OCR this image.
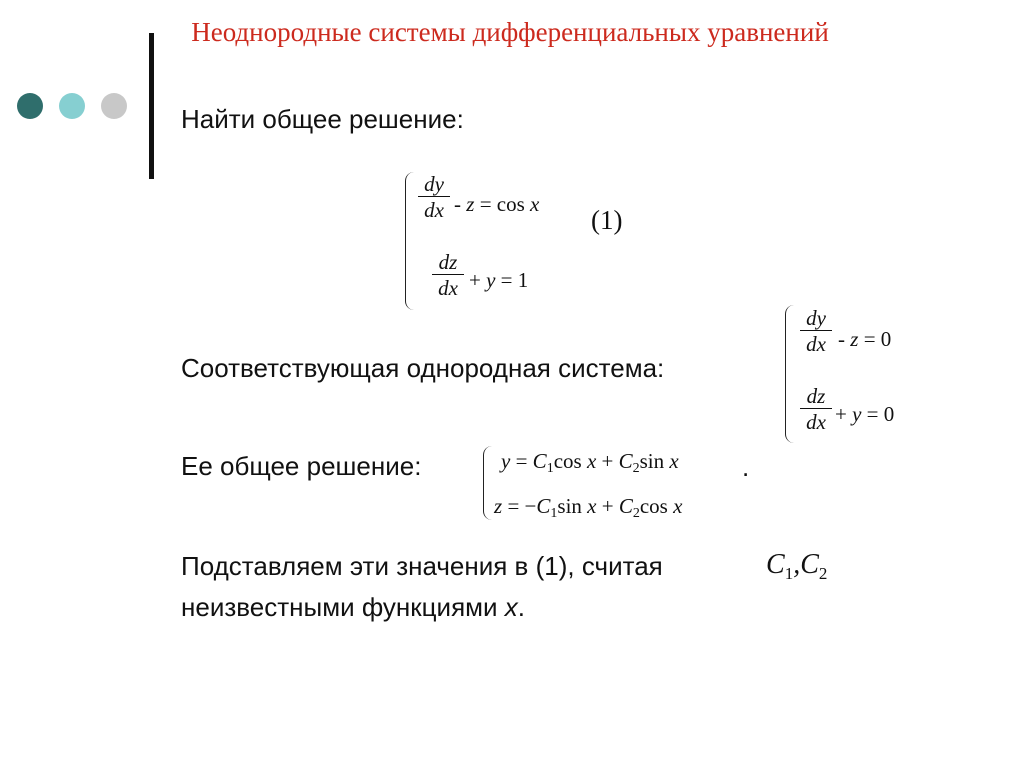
Неоднородные системы дифференциальных уравнений
Найти общее решение:
dy
dx - z = cos x
(1)
dz
dx + y = 1
Соответствующая однородная система:
dy
dx - z = 0
dz
dx + y = 0
Ее общее решение:	$y = C_1\cos$ $x + C_2\sin$ x
$z = -C_1\sin$ $x + C_2\cos$ x
.
Подставляем эти значения в (1), считая	$C_1,C_2$
неизвестными функциями x.
